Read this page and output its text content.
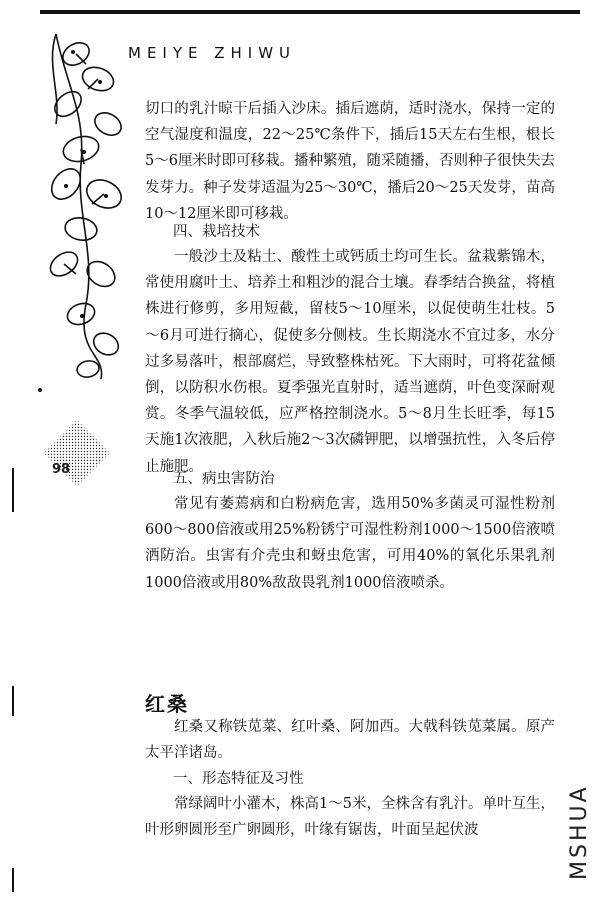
MEIYE ZHIWU
98

切口的乳汁晾干后插入沙床。插后遮荫，适时浇水，保持一定的空气湿度和温度，22～25℃条件下，插后15天左右生根，根长5～6厘米时即可移栽。播种繁殖，随采随播，否则种子很快失去发芽力。种子发芽适温为25～30℃，播后20～25天发芽，苗高10～12厘米即可移栽。

四、栽培技术

一般沙土及粘土、酸性土或钙质土均可生长。盆栽紫锦木，常使用腐叶土、培养土和粗沙的混合土壤。春季结合换盆，将植株进行修剪，多用短截，留枝5～10厘米，以促使萌生壮枝。5～6月可进行摘心，促使多分侧枝。生长期浇水不宜过多，水分过多易落叶，根部腐烂，导致整株枯死。下大雨时，可将花盆倾倒，以防积水伤根。夏季强光直射时，适当遮荫，叶色变深耐观赏。冬季气温较低，应严格控制浇水。5～8月生长旺季，每15天施1次液肥，入秋后施2～3次磷钾肥，以增强抗性，入冬后停止施肥。

五、病虫害防治

常见有萎蔫病和白粉病危害，选用50%多菌灵可湿性粉剂600～800倍液或用25%粉锈宁可湿性粉剂1000～1500倍液喷洒防治。虫害有介壳虫和蚜虫危害，可用40%的氧化乐果乳剂1000倍液或用80%敌敌畏乳剂1000倍液喷杀。

红桑

红桑又称铁苋菜、红叶桑、阿加西。大戟科铁苋菜属。原产太平洋诸岛。

一、形态特征及习性

常绿阔叶小灌木，株高1～5米，全株含有乳汁。单叶互生，叶形卵圆形至广卵圆形，叶缘有锯齿，叶面呈起伏波	MSHUA
